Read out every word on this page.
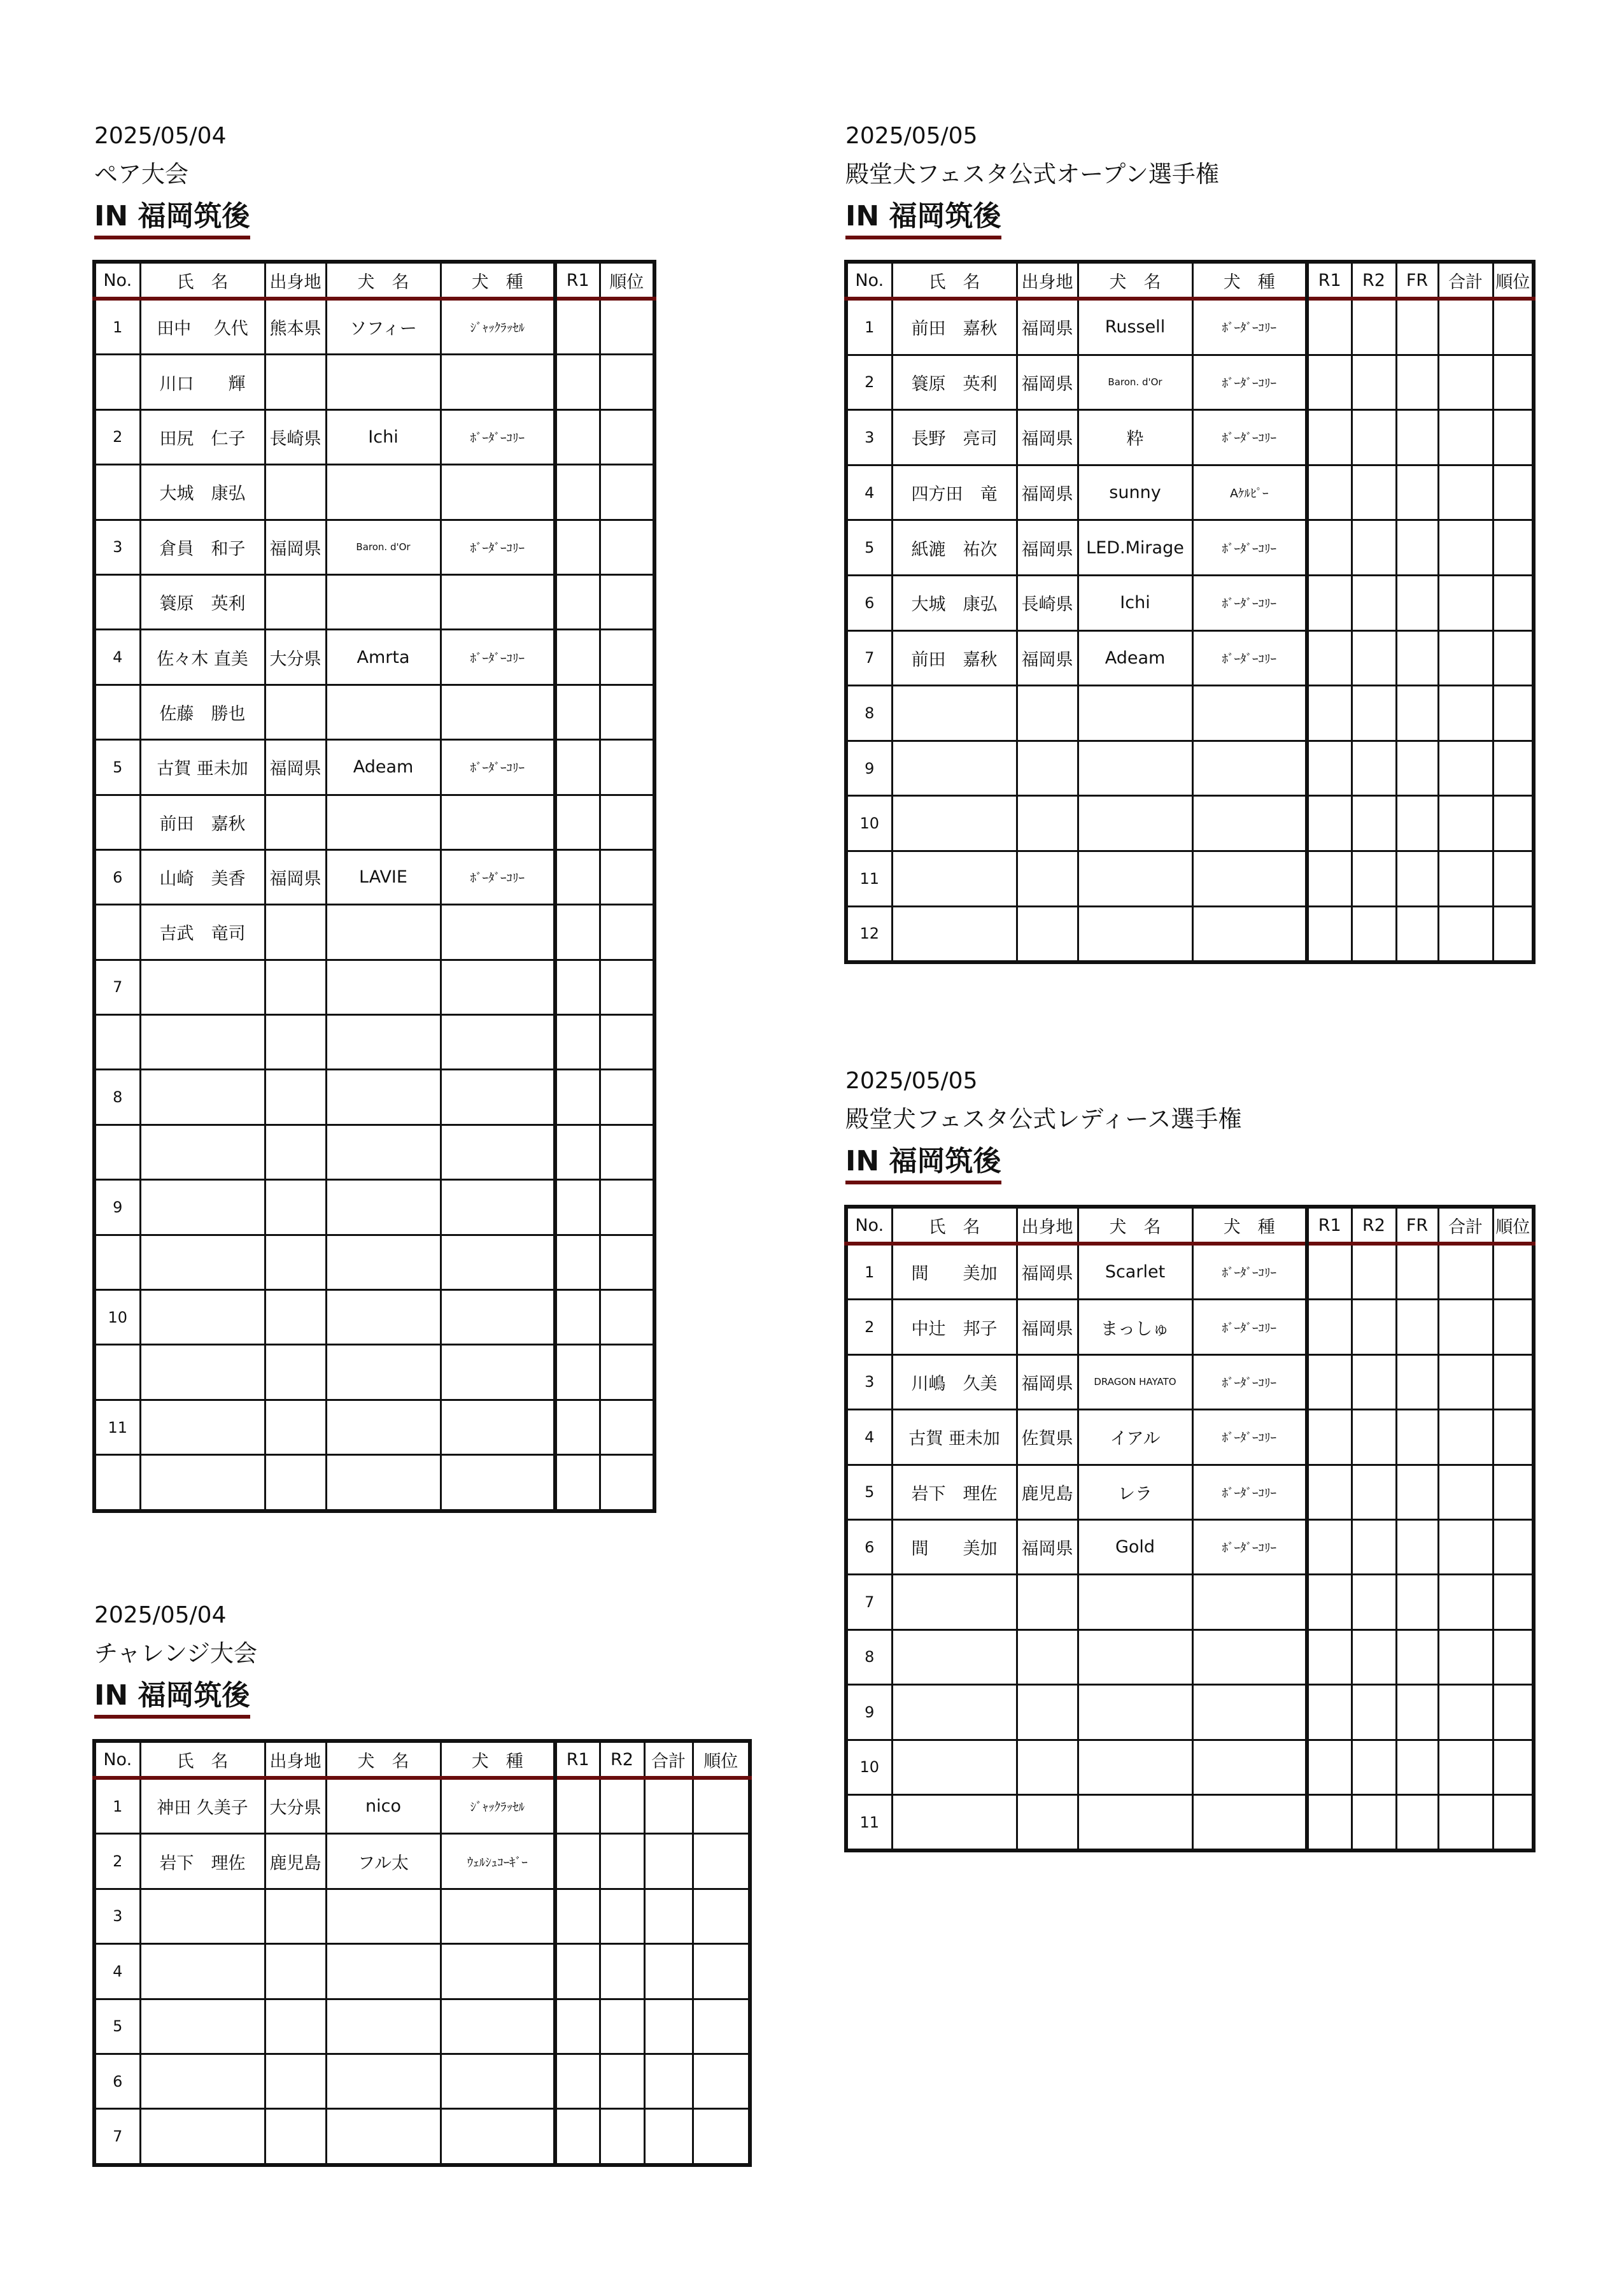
2025/05/04
ペア大会
IN 福岡筑後
No.	氏　名	出身地	犬　名	犬　種	R1	順位
1	田中　 久代	熊本県	ソフィー	ｼﾞｬｯｸﾗｯｾﾙ		
	川口　　輝					
2	田尻　仁子	長崎県	Ichi	ﾎﾞｰﾀﾞｰｺﾘｰ		
	大城　康弘					
3	倉員　和子	福岡県	Baron. d'Or	ﾎﾞｰﾀﾞｰｺﾘｰ		
	簑原　英利					
4	佐々木 直美	大分県	Amrta	ﾎﾞｰﾀﾞｰｺﾘｰ		
	佐藤　勝也					
5	古賀 亜未加	福岡県	Adeam	ﾎﾞｰﾀﾞｰｺﾘｰ		
	前田　嘉秋					
6	山崎　美香	福岡県	LAVIE	ﾎﾞｰﾀﾞｰｺﾘｰ		
	吉武　竜司					
7						

8						

9						

10						

11						

2025/05/05
殿堂犬フェスタ公式オープン選手権
IN 福岡筑後
No.	氏　名	出身地	犬　名	犬　種	R1	R2	FR	合計	順位
1	前田　嘉秋	福岡県	Russell	ﾎﾞｰﾀﾞｰｺﾘｰ					
2	簑原　英利	福岡県	Baron. d'Or	ﾎﾞｰﾀﾞｰｺﾘｰ					
3	長野　亮司	福岡県	粋	ﾎﾞｰﾀﾞｰｺﾘｰ					
4	四方田　竜	福岡県	sunny	Aｹﾙﾋﾟｰ					
5	紙漉　祐次	福岡県	LED.Mirage	ﾎﾞｰﾀﾞｰｺﾘｰ					
6	大城　康弘	長崎県	Ichi	ﾎﾞｰﾀﾞｰｺﾘｰ					
7	前田　嘉秋	福岡県	Adeam	ﾎﾞｰﾀﾞｰｺﾘｰ					
8									
9									
10									
11									
12									
2025/05/05
殿堂犬フェスタ公式レディース選手権
IN 福岡筑後
No.	氏　名	出身地	犬　名	犬　種	R1	R2	FR	合計	順位
1	間　　美加	福岡県	Scarlet	ﾎﾞｰﾀﾞｰｺﾘｰ					
2	中辻　邦子	福岡県	まっしゅ	ﾎﾞｰﾀﾞｰｺﾘｰ					
3	川嶋　久美	福岡県	DRAGON HAYATO	ﾎﾞｰﾀﾞｰｺﾘｰ					
4	古賀 亜未加	佐賀県	イアル	ﾎﾞｰﾀﾞｰｺﾘｰ					
5	岩下　理佐	鹿児島	レラ	ﾎﾞｰﾀﾞｰｺﾘｰ					
6	間　　美加	福岡県	Gold	ﾎﾞｰﾀﾞｰｺﾘｰ					
7									
8									
9									
10									
11									
2025/05/04
チャレンジ大会
IN 福岡筑後
No.	氏　名	出身地	犬　名	犬　種	R1	R2	合計	順位
1	神田 久美子	大分県	nico	ｼﾞｬｯｸﾗｯｾﾙ				
2	岩下　理佐	鹿児島	フル太	ｳｪﾙｼｭｺｰｷﾞｰ				
3								
4								
5								
6								
7								
